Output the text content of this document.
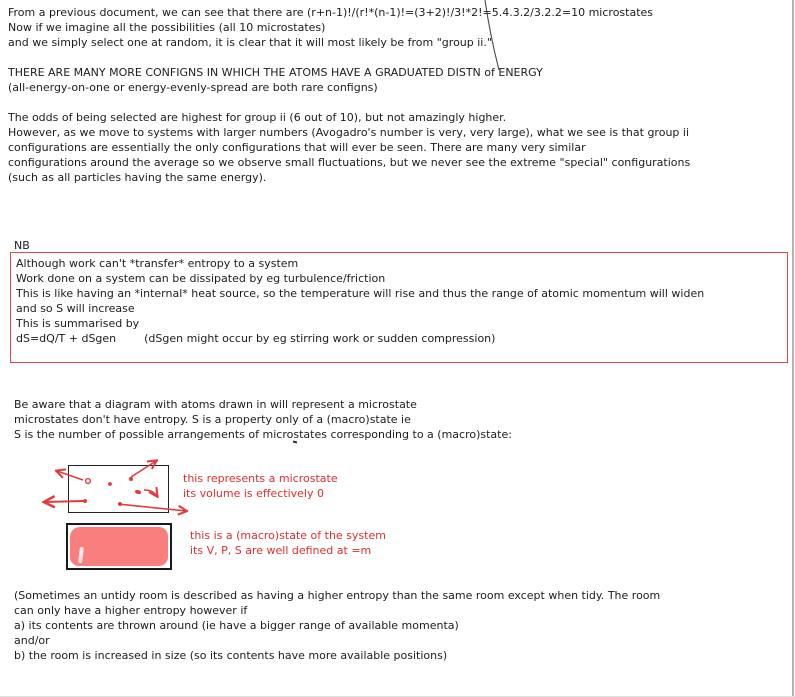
From a previous document, we can see that there are (r+n-1)!/(r!*(n-1)!=(3+2)!/3!*2!=5.4.3.2/3.2.2=10 microstates
Now if we imagine all the possibilities (all 10 microstates)
and we simply select one at random, it is clear that it will most likely be from "group ii."
THERE ARE MANY MORE CONFIGNS IN WHICH THE ATOMS HAVE A GRADUATED DISTN of ENERGY
(all-energy-on-one or energy-evenly-spread are both rare configns)
The odds of being selected are highest for group ii (6 out of 10), but not amazingly higher.
However, as we move to systems with larger numbers (Avogadro's number is very, very large), what we see is that group ii
configurations are essentially the only configurations that will ever be seen. There are many very similar
configurations around the average so we observe small fluctuations, but we never see the extreme "special" configurations
(such as all particles having the same energy).
NB
Although work can't *transfer* entropy to a system
Work done on a system can be dissipated by eg turbulence/friction
This is like having an *internal* heat source, so the temperature will rise and thus the range of atomic momentum will widen
and so S will increase
This is summarised by
dS=dQ/T + dSgen        (dSgen might occur by eg stirring work or sudden compression)
Be aware that a diagram with atoms drawn in will represent a microstate
microstates don't have entropy. S is a property only of a (macro)state ie
S is the number of possible arrangements of microstates corresponding to a (macro)state:
this represents a microstate
its volume is effectively 0
this is a (macro)state of the system
its V, P, S are well defined at =m
(Sometimes an untidy room is described as having a higher entropy than the same room except when tidy. The room
can only have a higher entropy however if
a) its contents are thrown around (ie have a bigger range of available momenta)
and/or
b) the room is increased in size (so its contents have more available positions)
